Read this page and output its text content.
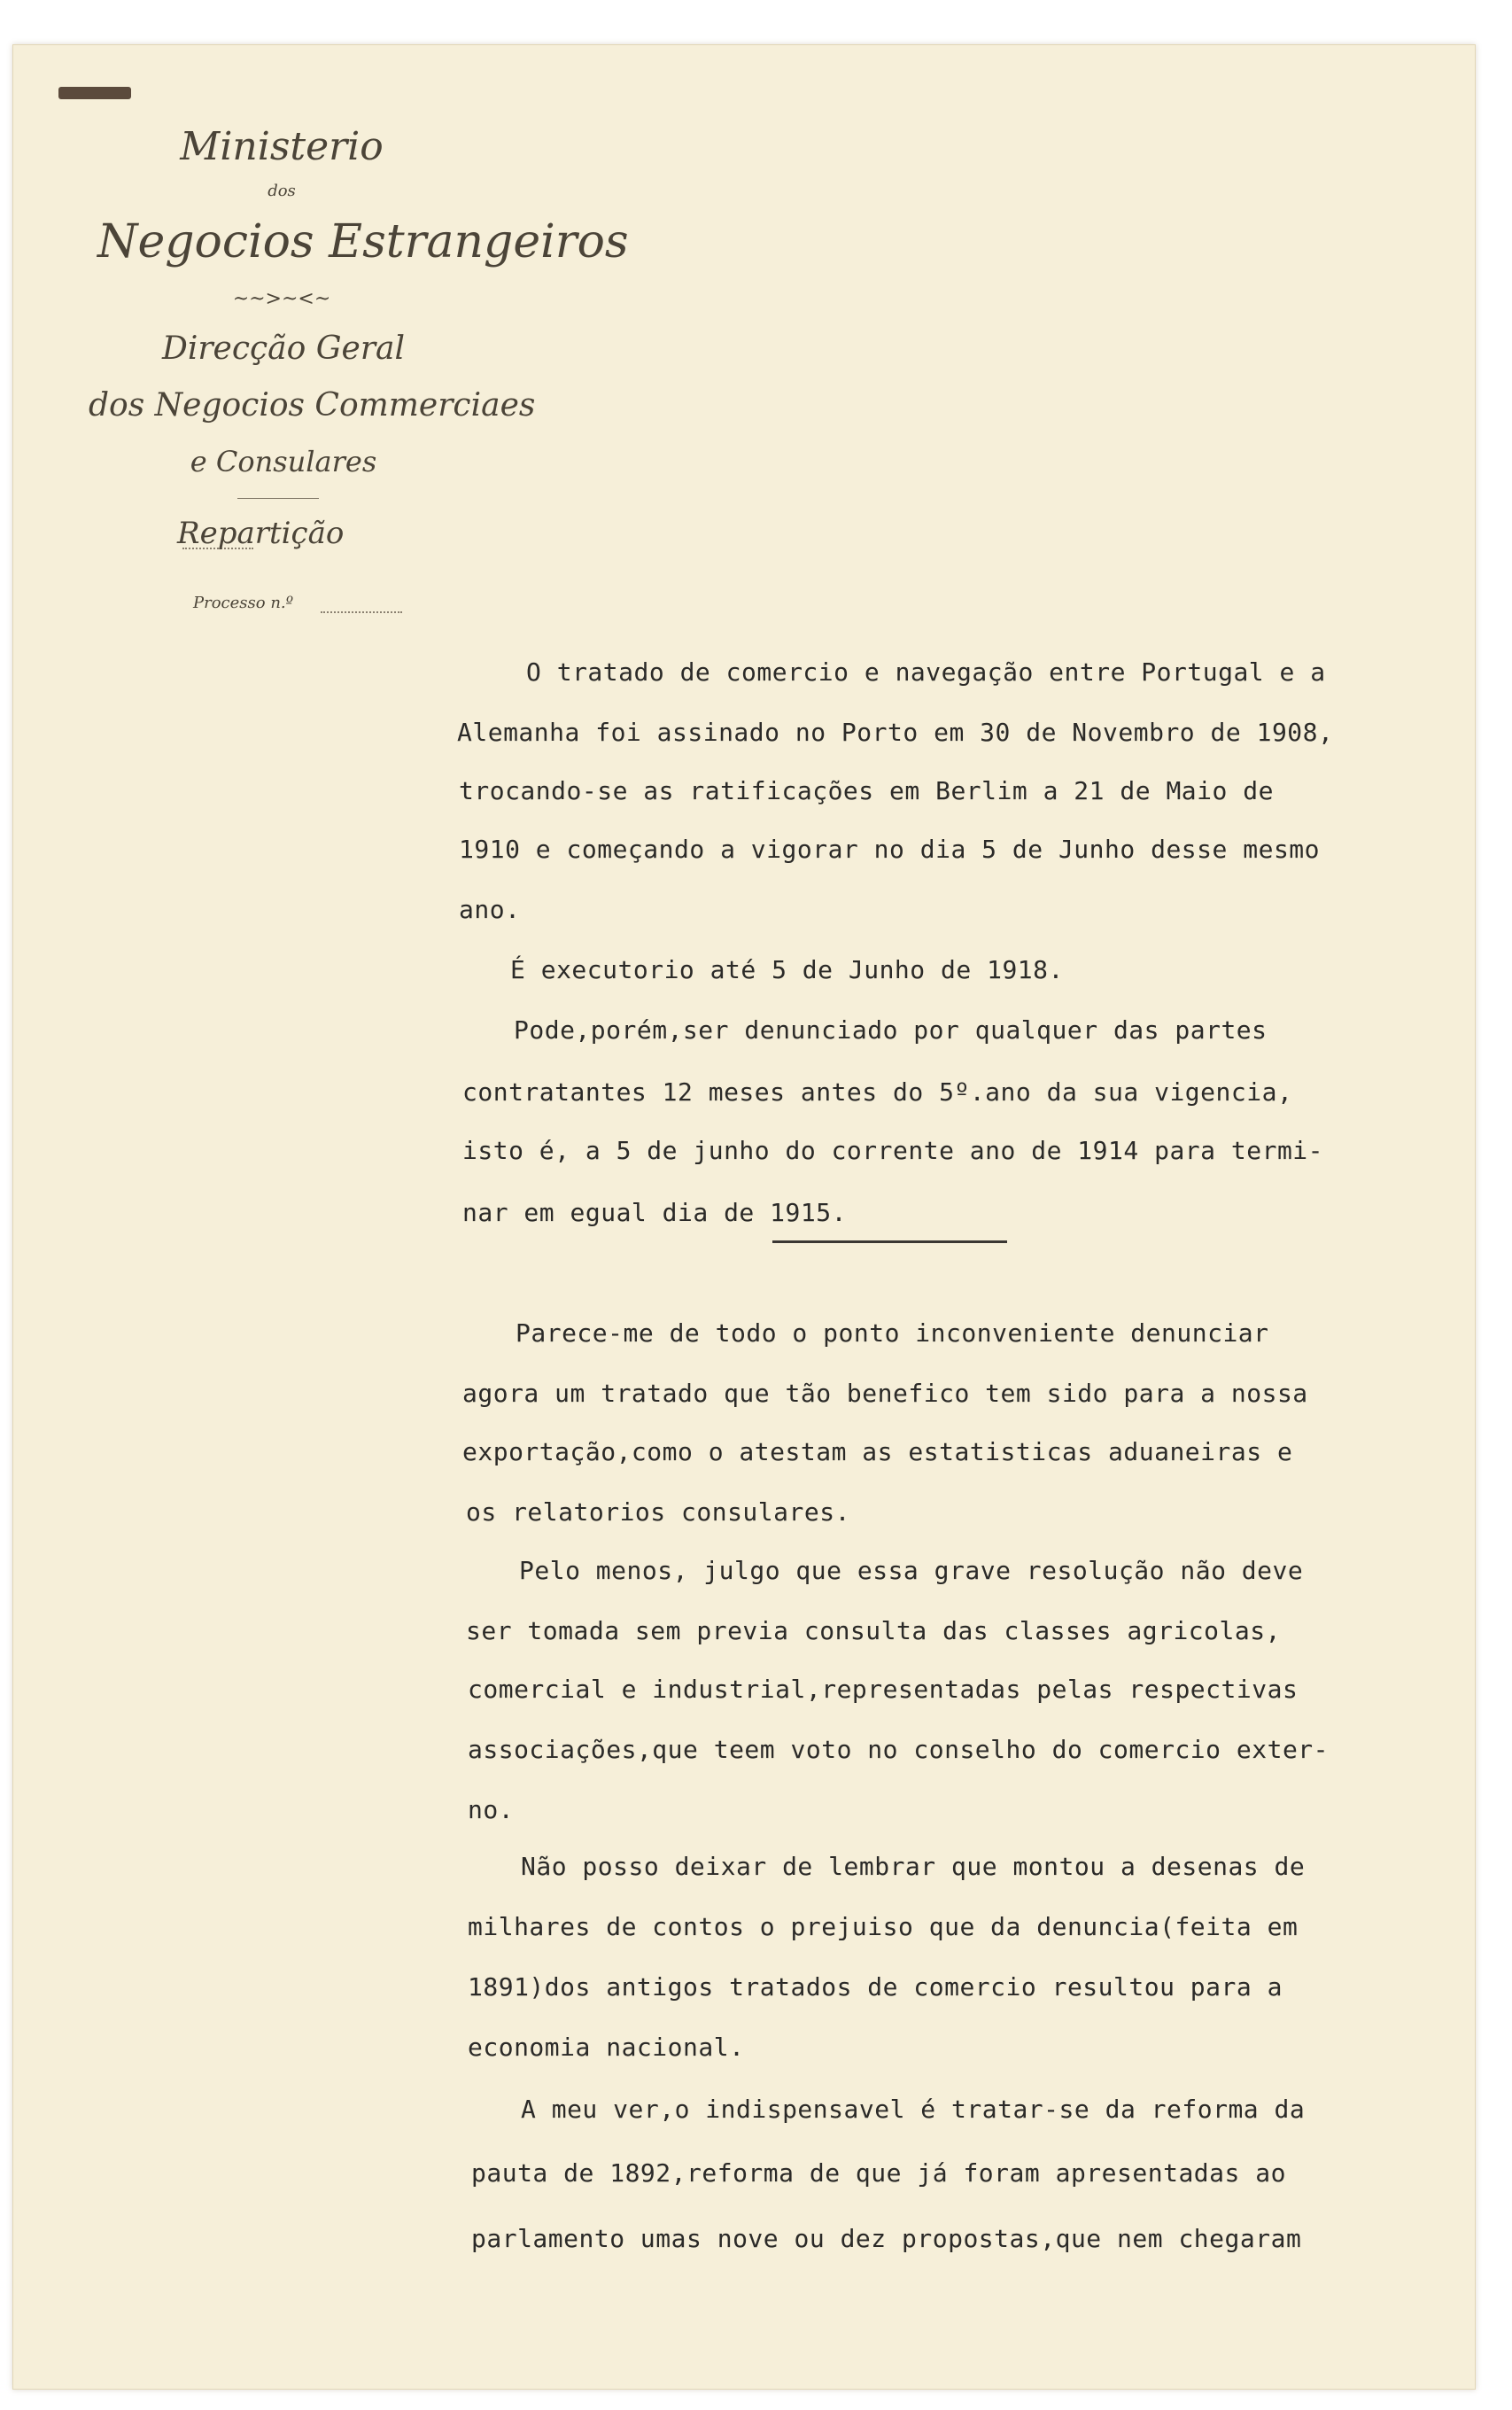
Ministerio
dos
Negocios Estrangeiros
~~>~<~
Direcção Geral
dos Negocios Commerciaes
e Consulares
Repartição
Processo n.º
O tratado de comercio e navegação entre Portugal e a
Alemanha foi assinado no Porto em 30 de Novembro de 1908,
trocando-se as ratificações em Berlim a 21 de Maio de
1910 e começando a vigorar no dia 5 de Junho desse mesmo
ano.
É executorio até 5 de Junho de 1918.
Pode,porém,ser denunciado por qualquer das partes
contratantes 12 meses antes do 5º.ano da sua vigencia,
isto é, a 5 de junho do corrente ano de 1914 para termi-
nar em egual dia de 1915.
Parece-me de todo o ponto inconveniente denunciar
agora um tratado que tão benefico tem sido para a nossa
exportação,como o atestam as estatisticas aduaneiras e
os relatorios consulares.
Pelo menos, julgo que essa grave resolução não deve
ser tomada sem previa consulta das classes agricolas,
comercial e industrial,representadas pelas respectivas
associações,que teem voto no conselho do comercio exter-
no.
Não posso deixar de lembrar que montou a desenas de
milhares de contos o prejuiso que da denuncia(feita em
1891)dos antigos tratados de comercio resultou para a
economia nacional.
A meu ver,o indispensavel é tratar-se da reforma da
pauta de 1892,reforma de que já foram apresentadas ao
parlamento umas nove ou dez propostas,que nem chegaram
